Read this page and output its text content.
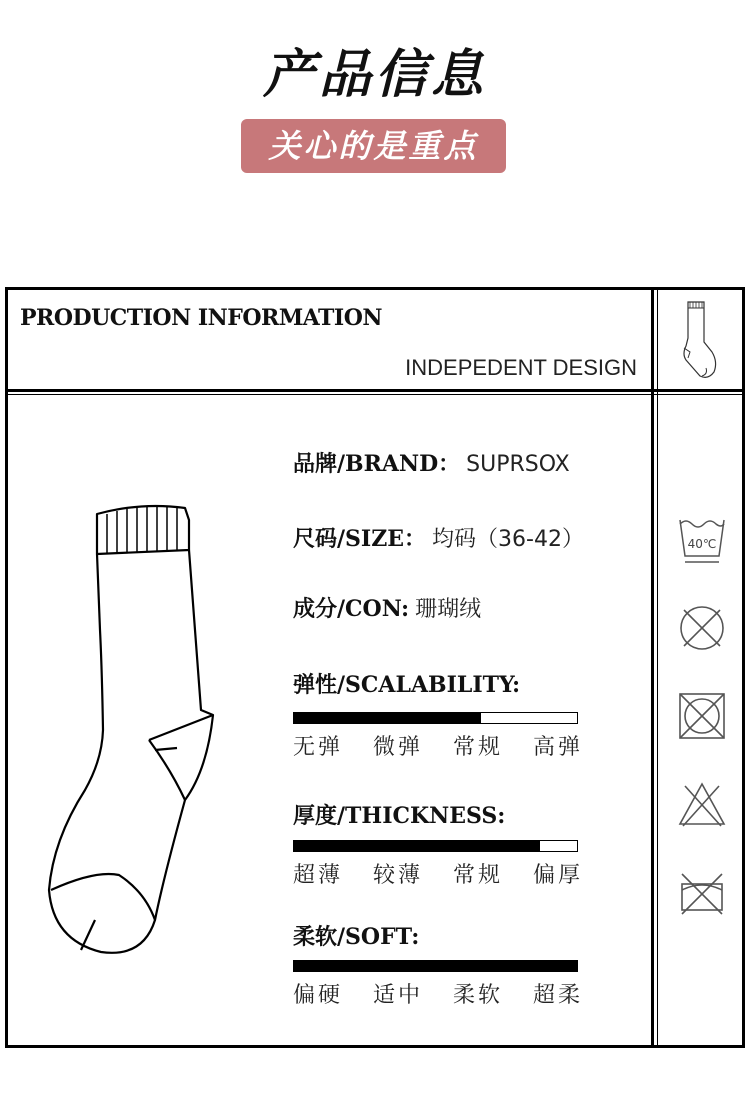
产品信息
关心的是重点
PRODUCTION INFORMATION
INDEPEDENT DESIGN
品牌/BRAND： SUPRSOX
尺码/SIZE： 均码（36-42）
成分/CON: 珊瑚绒
弹性/SCALABILITY:
无弹 微弹 常规 高弹
厚度/THICKNESS:
超薄 较薄 常规 偏厚
柔软/SOFT:
偏硬 适中 柔软 超柔
40℃
